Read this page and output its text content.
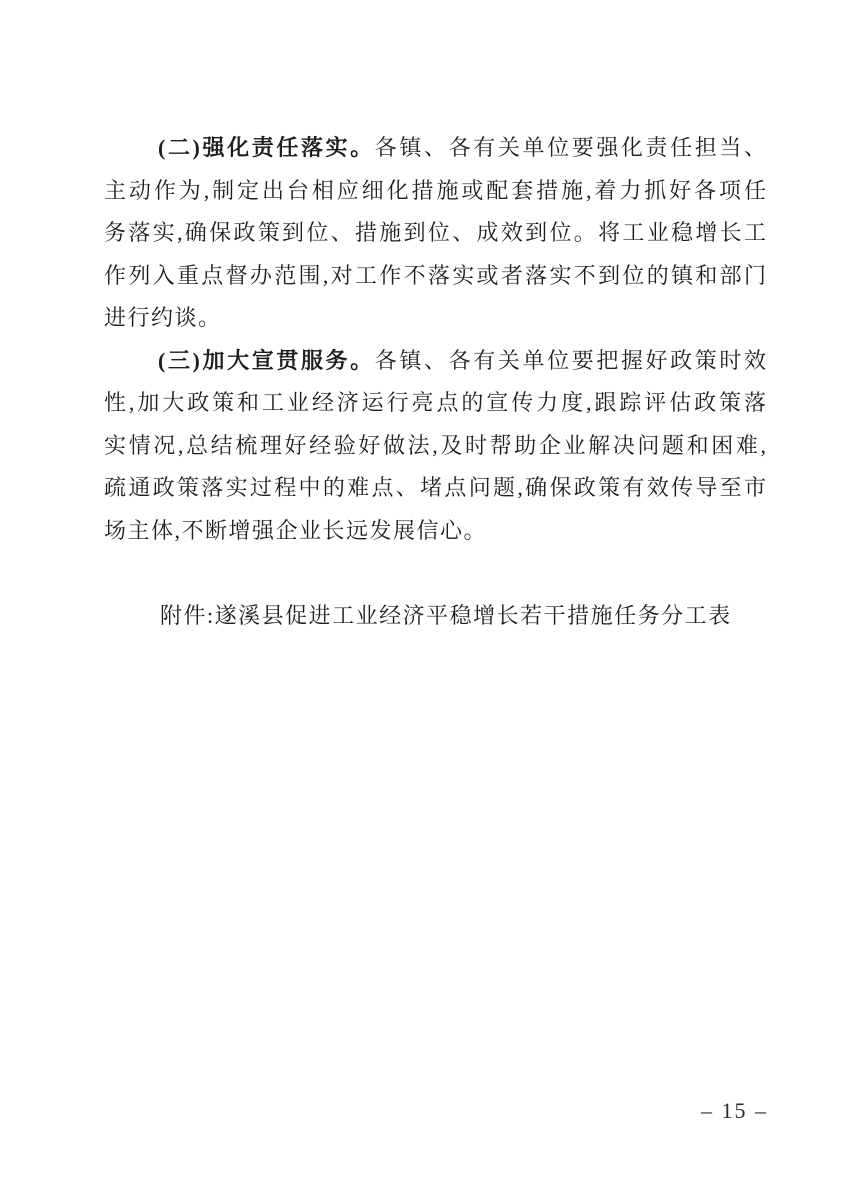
(二)强化责任落实。各镇、各有关单位要强化责任担当、
主动作为,制定出台相应细化措施或配套措施,着力抓好各项任
务落实,确保政策到位、措施到位、成效到位。将工业稳增长工
作列入重点督办范围,对工作不落实或者落实不到位的镇和部门
进行约谈。
(三)加大宣贯服务。各镇、各有关单位要把握好政策时效
性,加大政策和工业经济运行亮点的宣传力度,跟踪评估政策落
实情况,总结梳理好经验好做法,及时帮助企业解决问题和困难,
疏通政策落实过程中的难点、堵点问题,确保政策有效传导至市
场主体,不断增强企业长远发展信心。
附件:遂溪县促进工业经济平稳增长若干措施任务分工表
– 15 –
